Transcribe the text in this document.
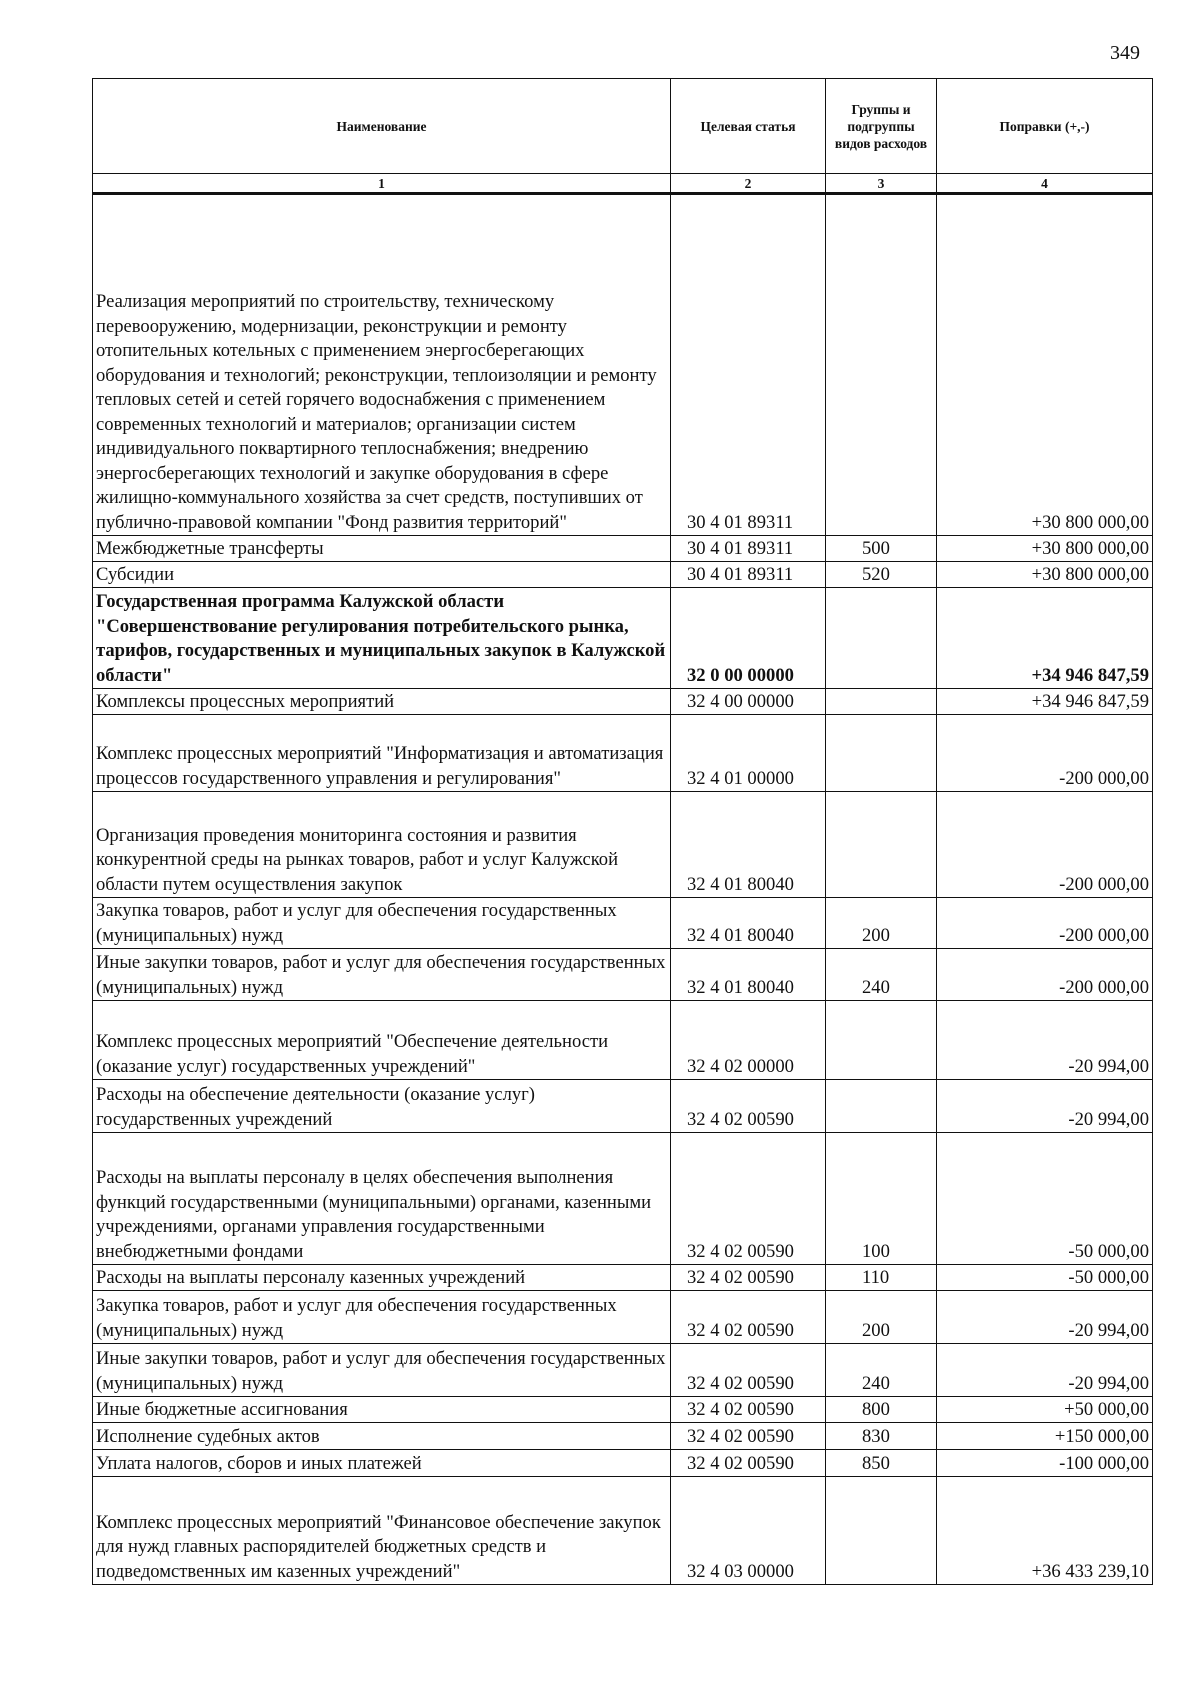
349
Наименование	Целевая статья	Группы и подгруппы видов расходов	Поправки (+,-)
1	2	3	4
Реализация мероприятий по строительству, техническому перевооружению, модернизации, реконструкции и ремонту отопительных котельных с применением энергосберегающих оборудования и технологий; реконструкции, теплоизоляции и ремонту тепловых сетей и сетей горячего водоснабжения с применением современных технологий и материалов; организации систем индивидуального поквартирного теплоснабжения; внедрению энергосберегающих технологий и закупке оборудования в сфере жилищно-коммунального хозяйства за счет средств, поступивших от публично-правовой компании "Фонд развития территорий"	30 4 01 89311		+30 800 000,00
Межбюджетные трансферты	30 4 01 89311	500	+30 800 000,00
Субсидии	30 4 01 89311	520	+30 800 000,00
Государственная программа Калужской области "Совершенствование регулирования потребительского рынка, тарифов, государственных и муниципальных закупок в Калужской области"	32 0 00 00000		+34 946 847,59
Комплексы процессных мероприятий	32 4 00 00000		+34 946 847,59
Комплекс процессных мероприятий "Информатизация и автоматизация процессов государственного управления и регулирования"	32 4 01 00000		-200 000,00
Организация проведения мониторинга состояния и развития конкурентной среды на рынках товаров, работ и услуг Калужской области путем осуществления закупок	32 4 01 80040		-200 000,00
Закупка товаров, работ и услуг для обеспечения государственных (муниципальных) нужд	32 4 01 80040	200	-200 000,00
Иные закупки товаров, работ и услуг для обеспечения государственных (муниципальных) нужд	32 4 01 80040	240	-200 000,00
Комплекс процессных мероприятий "Обеспечение деятельности (оказание услуг) государственных учреждений"	32 4 02 00000		-20 994,00
Расходы на обеспечение деятельности (оказание услуг) государственных учреждений	32 4 02 00590		-20 994,00
Расходы на выплаты персоналу в целях обеспечения выполнения функций государственными (муниципальными) органами, казенными учреждениями, органами управления государственными внебюджетными фондами	32 4 02 00590	100	-50 000,00
Расходы на выплаты персоналу казенных учреждений	32 4 02 00590	110	-50 000,00
Закупка товаров, работ и услуг для обеспечения государственных (муниципальных) нужд	32 4 02 00590	200	-20 994,00
Иные закупки товаров, работ и услуг для обеспечения государственных (муниципальных) нужд	32 4 02 00590	240	-20 994,00
Иные бюджетные ассигнования	32 4 02 00590	800	+50 000,00
Исполнение судебных актов	32 4 02 00590	830	+150 000,00
Уплата налогов, сборов и иных платежей	32 4 02 00590	850	-100 000,00
Комплекс процессных мероприятий "Финансовое обеспечение закупок для нужд главных распорядителей бюджетных средств и подведомственных им казенных учреждений"	32 4 03 00000		+36 433 239,10
